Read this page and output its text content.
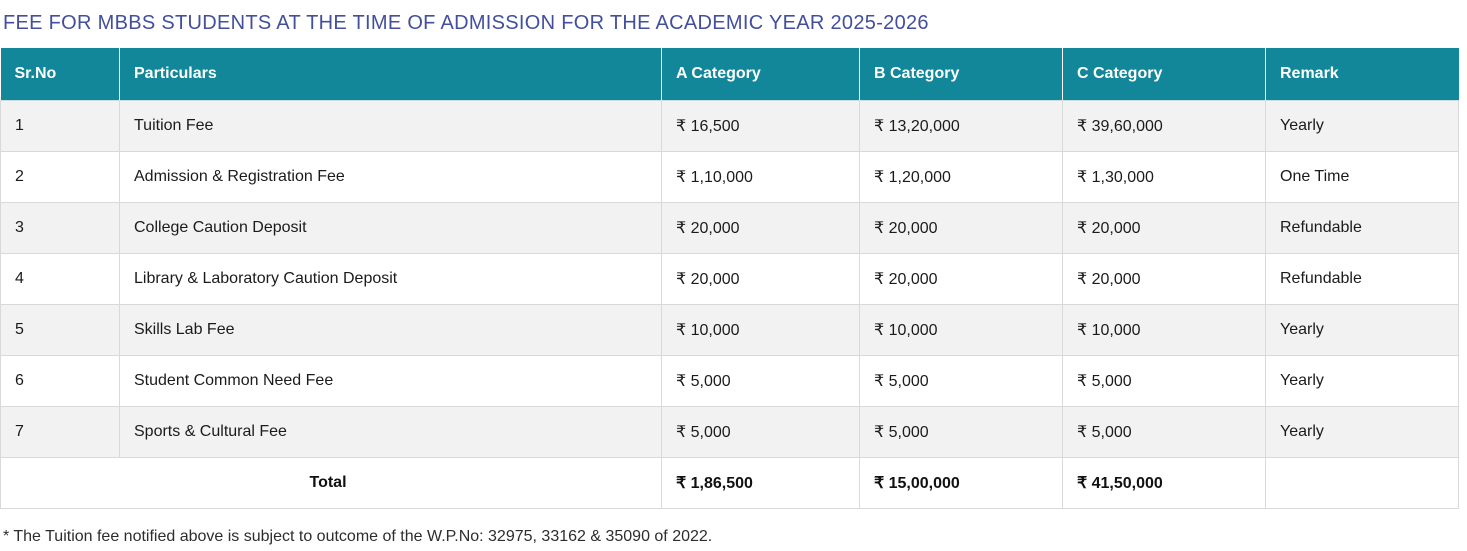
FEE FOR MBBS STUDENTS AT THE TIME OF ADMISSION FOR THE ACADEMIC YEAR 2025-2026
Sr.No	Particulars	A Category	B Category	C Category	Remark
1	Tuition Fee	₹ 16,500	₹ 13,20,000	₹ 39,60,000	Yearly
2	Admission & Registration Fee	₹ 1,10,000	₹ 1,20,000	₹ 1,30,000	One Time
3	College Caution Deposit	₹ 20,000	₹ 20,000	₹ 20,000	Refundable
4	Library & Laboratory Caution Deposit	₹ 20,000	₹ 20,000	₹ 20,000	Refundable
5	Skills Lab Fee	₹ 10,000	₹ 10,000	₹ 10,000	Yearly
6	Student Common Need Fee	₹ 5,000	₹ 5,000	₹ 5,000	Yearly
7	Sports & Cultural Fee	₹ 5,000	₹ 5,000	₹ 5,000	Yearly
Total		₹ 1,86,500	₹ 15,00,000	₹ 41,50,000	

* The Tuition fee notified above is subject to outcome of the W.P.No: 32975, 33162 & 35090 of 2022.
